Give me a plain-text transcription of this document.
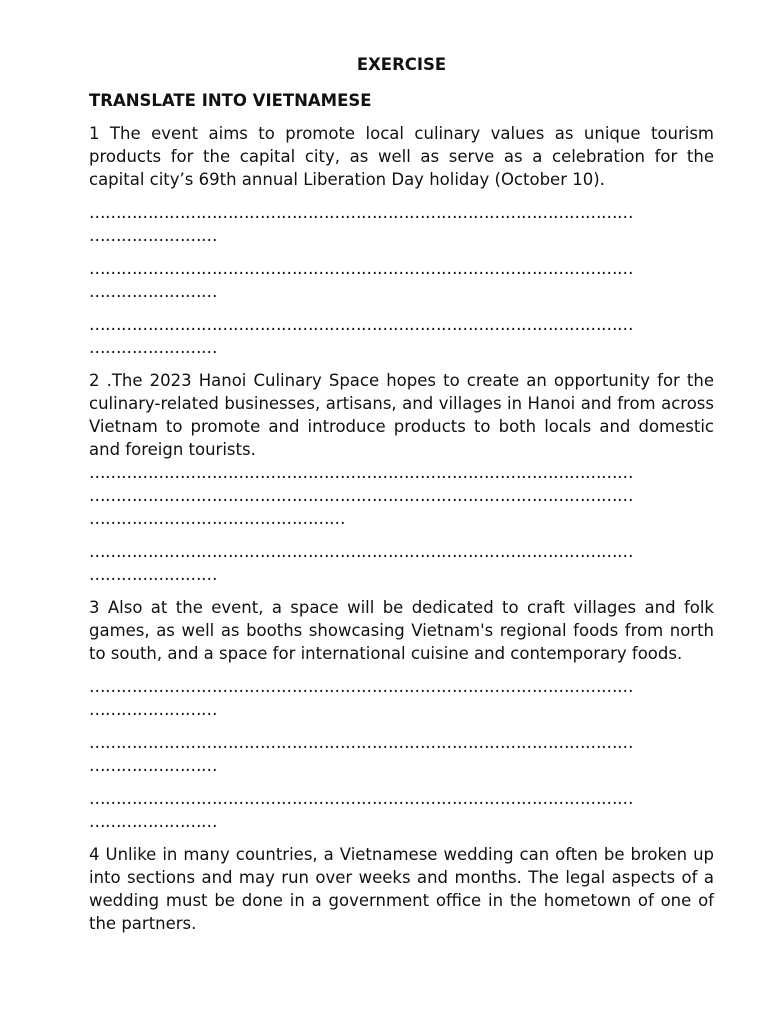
EXERCISE
TRANSLATE INTO VIETNAMESE
1 The event aims to promote local culinary values as unique tourism products for the capital city, as well as serve as a celebration for the capital city’s 69th annual Liberation Day holiday (October 10).
…………………………………………………………………………………………
……………………
…………………………………………………………………………………………
……………………
…………………………………………………………………………………………
……………………
2 .The 2023 Hanoi Culinary Space hopes to create an opportunity for the culinary-related businesses, artisans, and villages in Hanoi and from across Vietnam to promote and introduce products to both locals and domestic and foreign tourists.
…………………………………………………………………………………………
…………………………………………………………………………………………
…………………………………………
…………………………………………………………………………………………
……………………
3 Also at the event, a space will be dedicated to craft villages and folk games, as well as booths showcasing Vietnam's regional foods from north to south, and a space for international cuisine and contemporary foods.
…………………………………………………………………………………………
……………………
…………………………………………………………………………………………
……………………
…………………………………………………………………………………………
……………………
4 Unlike in many countries, a Vietnamese wedding can often be broken up into sections and may run over weeks and months. The legal aspects of a wedding must be done in a government office in the hometown of one of the partners.
